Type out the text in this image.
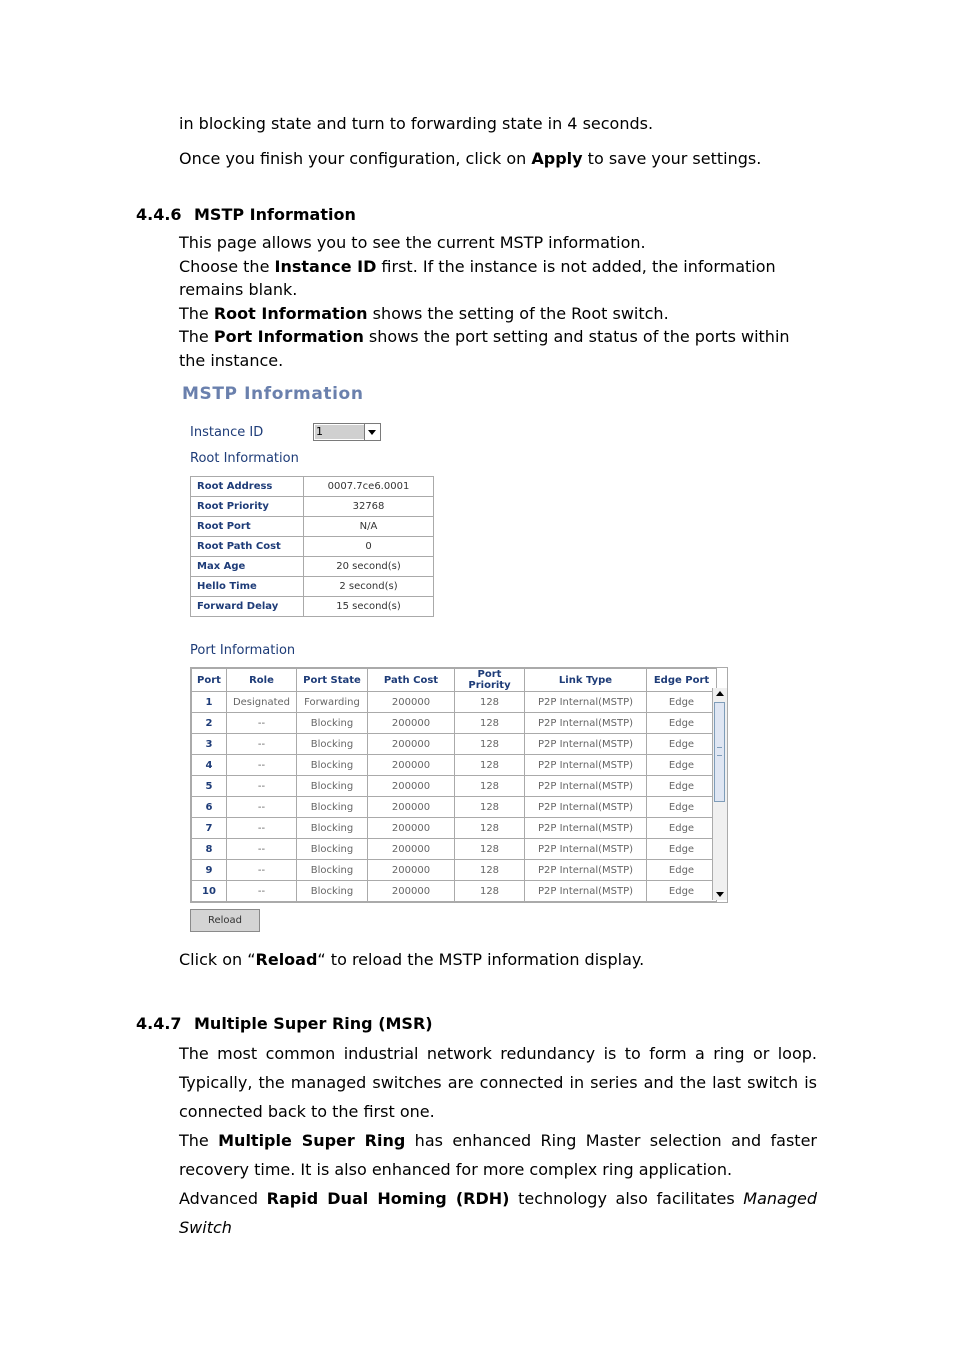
in blocking state and turn to forwarding state in 4 seconds.

Once you finish your configuration, click on Apply to save your settings.

4.4.6 MSTP Information
This page allows you to see the current MSTP information.
Choose the Instance ID first. If the instance is not added, the information remains blank.
The Root Information shows the setting of the Root switch.
The Port Information shows the port setting and status of the ports within the instance.
MSTP Information

Instance ID	1

Root Information

Root Address	0007.7ce6.0001
Root Priority	32768
Root Port	N/A
Root Path Cost	0
Max Age	20 second(s)
Hello Time	2 second(s)
Forward Delay	15 second(s)

Port Information

Port	Role	Port State	Path Cost	Port Priority	Link Type	Edge Port
1	Designated	Forwarding	200000	128	P2P Internal(MSTP)	Edge
2	--	Blocking	200000	128	P2P Internal(MSTP)	Edge
3	--	Blocking	200000	128	P2P Internal(MSTP)	Edge
4	--	Blocking	200000	128	P2P Internal(MSTP)	Edge
5	--	Blocking	200000	128	P2P Internal(MSTP)	Edge
6	--	Blocking	200000	128	P2P Internal(MSTP)	Edge
7	--	Blocking	200000	128	P2P Internal(MSTP)	Edge
8	--	Blocking	200000	128	P2P Internal(MSTP)	Edge
9	--	Blocking	200000	128	P2P Internal(MSTP)	Edge
10	--	Blocking	200000	128	P2P Internal(MSTP)	Edge
Reload

Click on “Reload“ to reload the MSTP information display.

4.4.7 Multiple Super Ring (MSR)
The most common industrial network redundancy is to form a ring or loop. Typically, the managed switches are connected in series and the last switch is connected back to the first one.
The Multiple Super Ring has enhanced Ring Master selection and faster recovery time. It is also enhanced for more complex ring application.
Advanced Rapid Dual Homing (RDH) technology also facilitates Managed Switch
